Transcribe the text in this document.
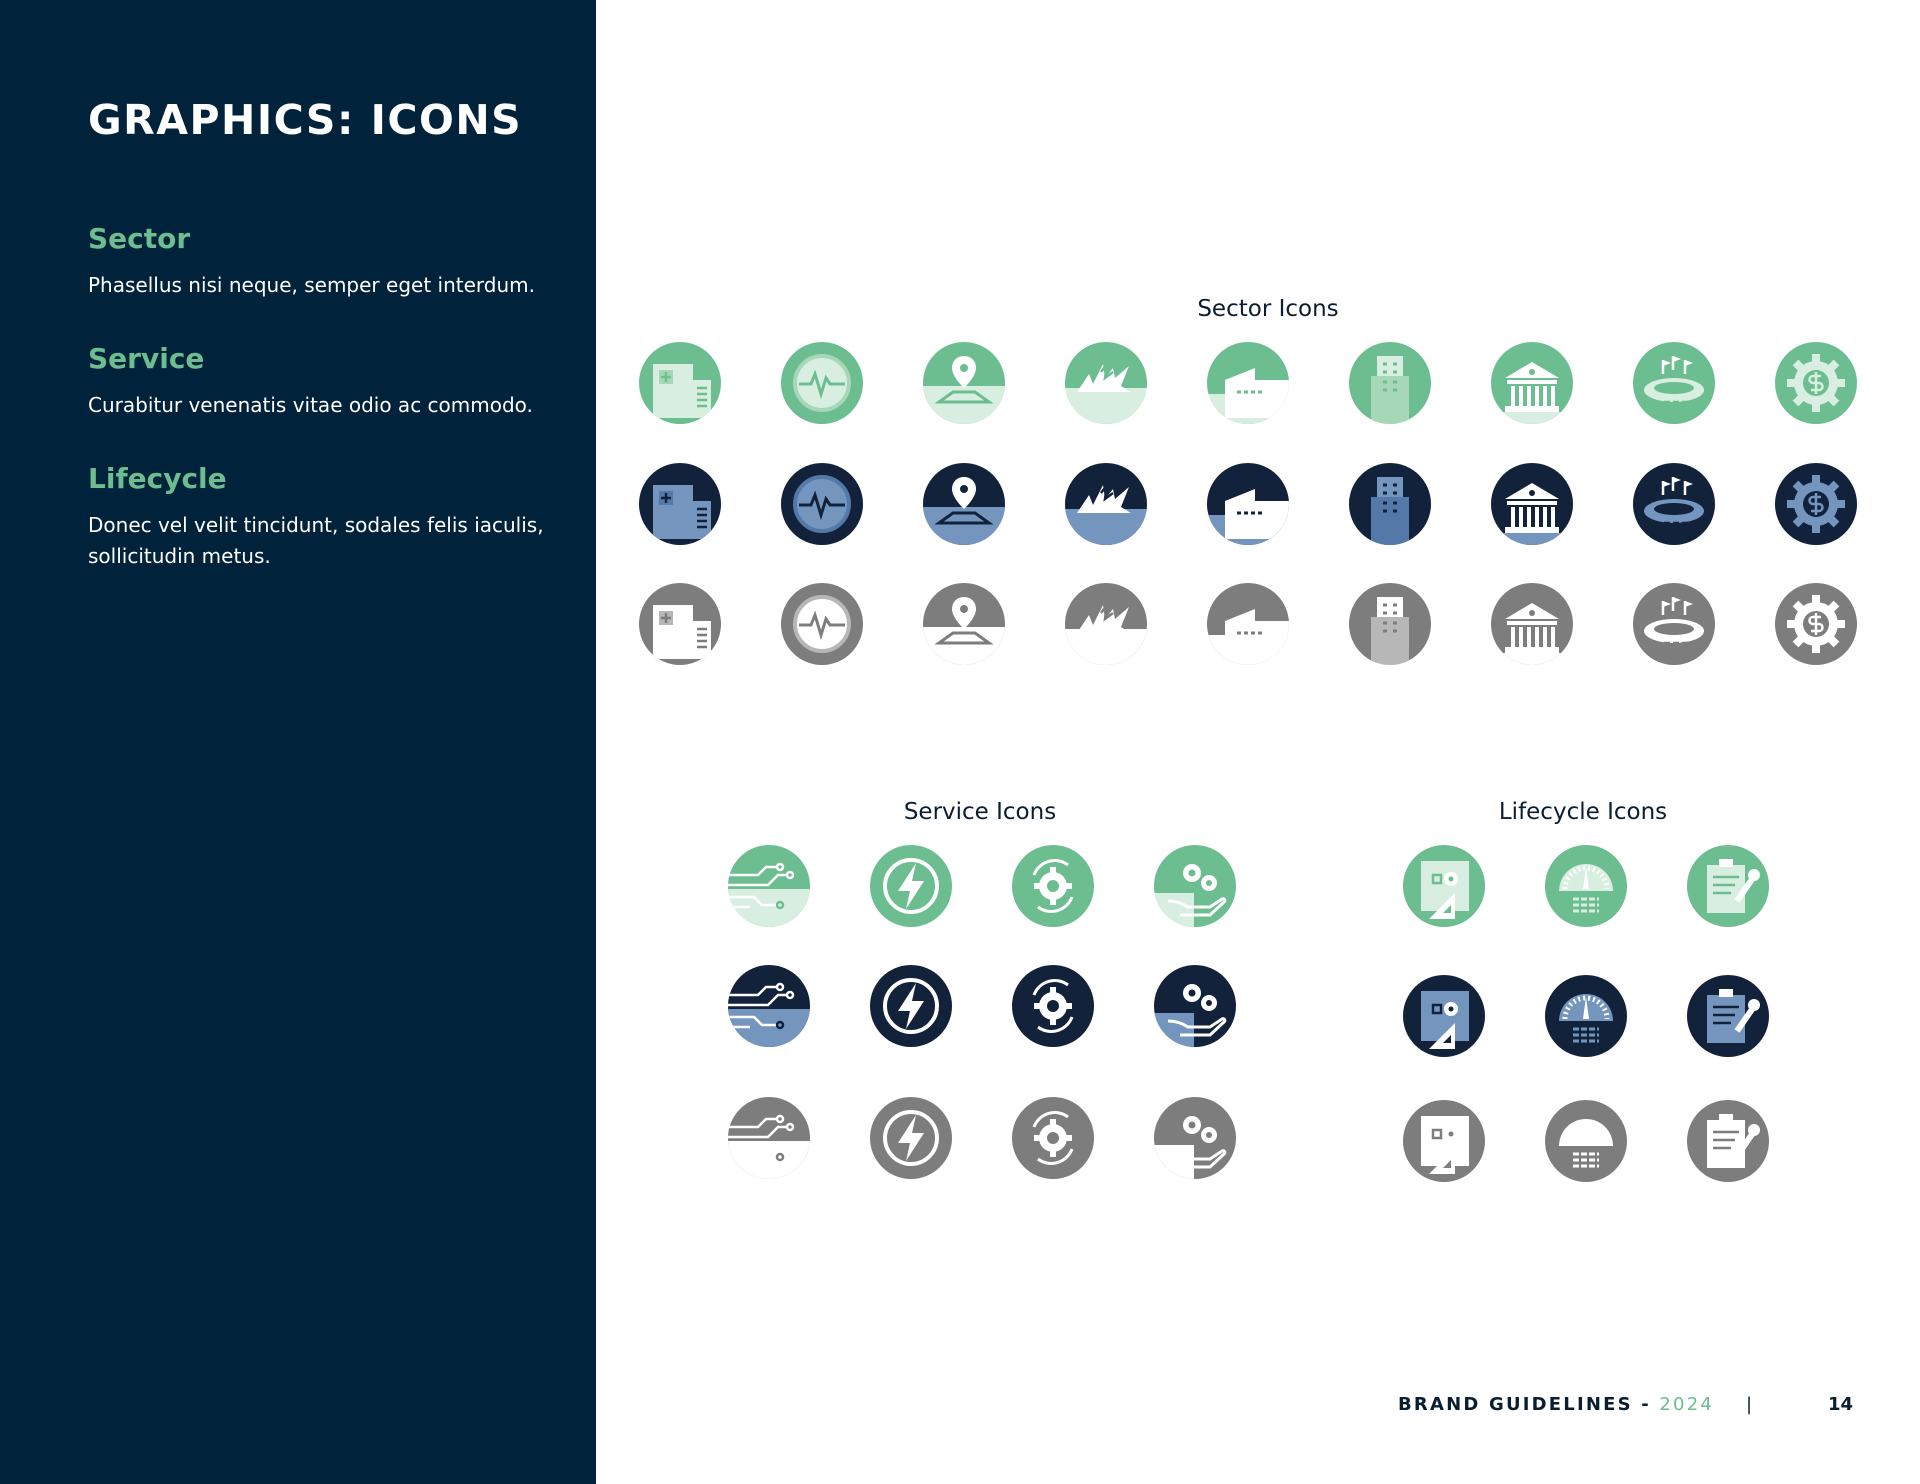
GRAPHICS: ICONS
Sector
Phasellus nisi neque, semper eget interdum.
Service
Curabitur venenatis vitae odio ac commodo.
Lifecycle
Donec vel velit tincidunt, sodales felis iaculis, sollicitudin metus.
Sector Icons
Service Icons	Lifecycle Icons
BRAND GUIDELINES - 2024 |	14
